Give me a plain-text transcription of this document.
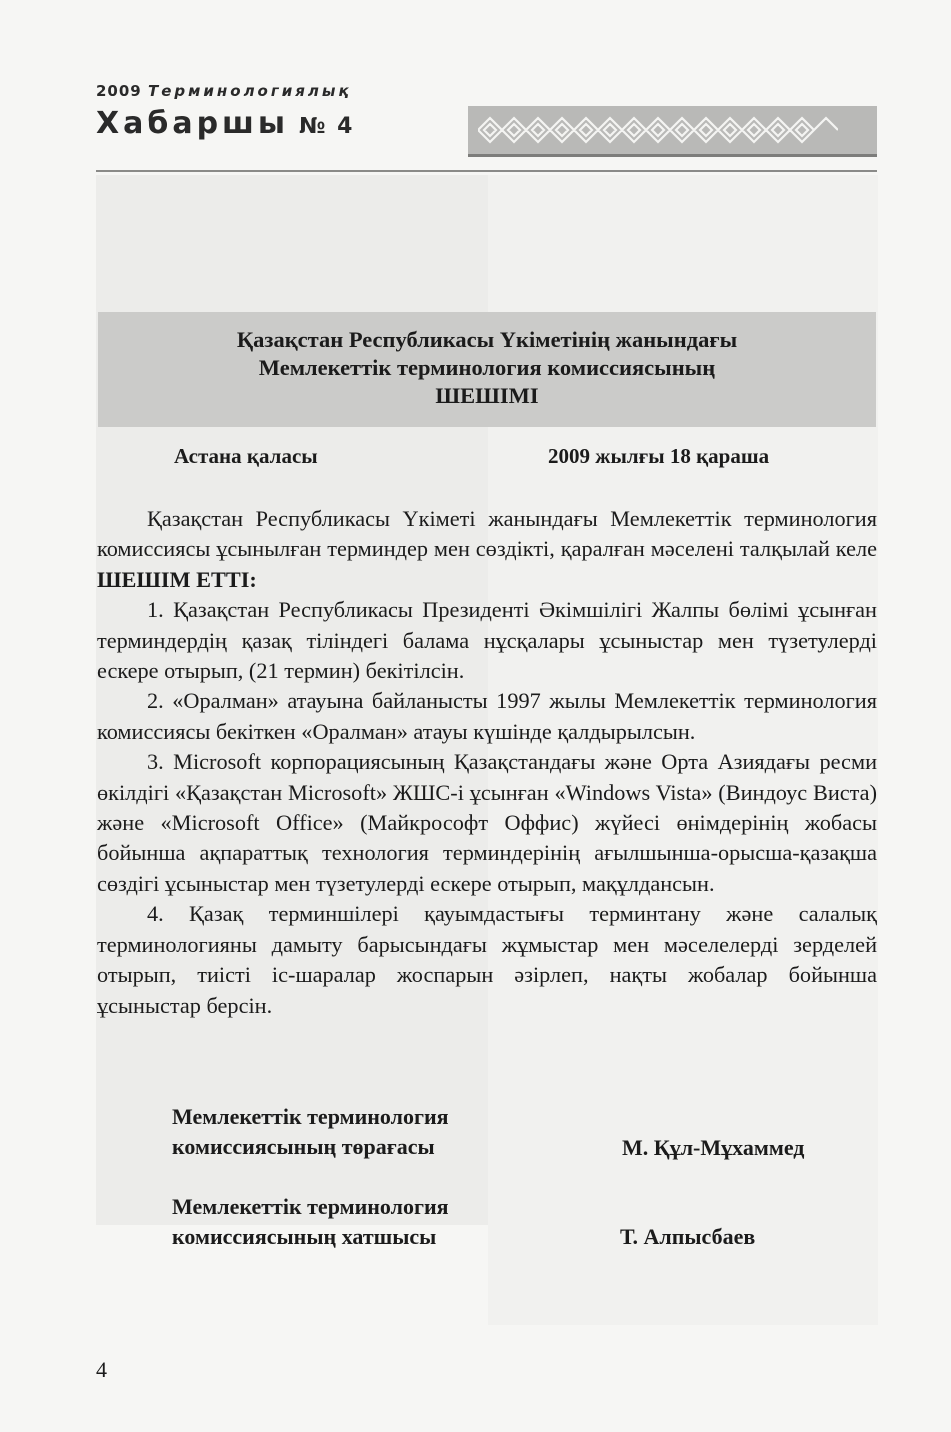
2009 Терминологиялық
Хабаршы № 4
Қазақстан Республикасы Үкіметінің жанындағы
Мемлекеттік терминология комиссиясының
ШЕШІМІ
Астана қаласы	2009 жылғы 18 қараша

Қазақстан Республикасы Үкіметі жанындағы Мемлекеттік терминология комиссиясы ұсынылған терминдер мен сөздікті, қаралған мәселені талқылай келе ШЕШІМ ЕТТІ:

1. Қазақстан Республикасы Президенті Әкімшілігі Жалпы бөлімі ұсынған терминдердің қазақ тіліндегі балама нұсқалары ұсыныстар мен түзетулерді ескере отырып, (21 термин) бекітілсін.

2. «Оралман» атауына байланысты 1997 жылы Мемлекеттік терминология комиссиясы бекіткен «Оралман» атауы күшінде қалдырылсын.

3. Microsoft корпорациясының Қазақстандағы және Орта Азиядағы ресми өкілдігі «Қазақстан Microsoft» ЖШС-і ұсынған «Windows Vista» (Виндоус Виста) және «Microsoft Office» (Майкрософт Оффис) жүйесі өнімдерінің жобасы бойынша ақпараттық технология терминдерінің ағылшынша-орысша-қазақша сөздігі ұсыныстар мен түзетулерді ескере отырып, мақұлдансын.

4. Қазақ терминшілері қауымдастығы терминтану және салалық терминологияны дамыту барысындағы жұмыстар мен мәселелерді зерделей отырып, тиісті іс-шаралар жоспарын әзірлеп, нақты жобалар бойынша ұсыныстар берсін.

Мемлекеттік терминология
комиссиясының төрағасы	М. Құл-Мұхаммед
Мемлекеттік терминология
комиссиясының хатшысы	Т. Алпысбаев
4
